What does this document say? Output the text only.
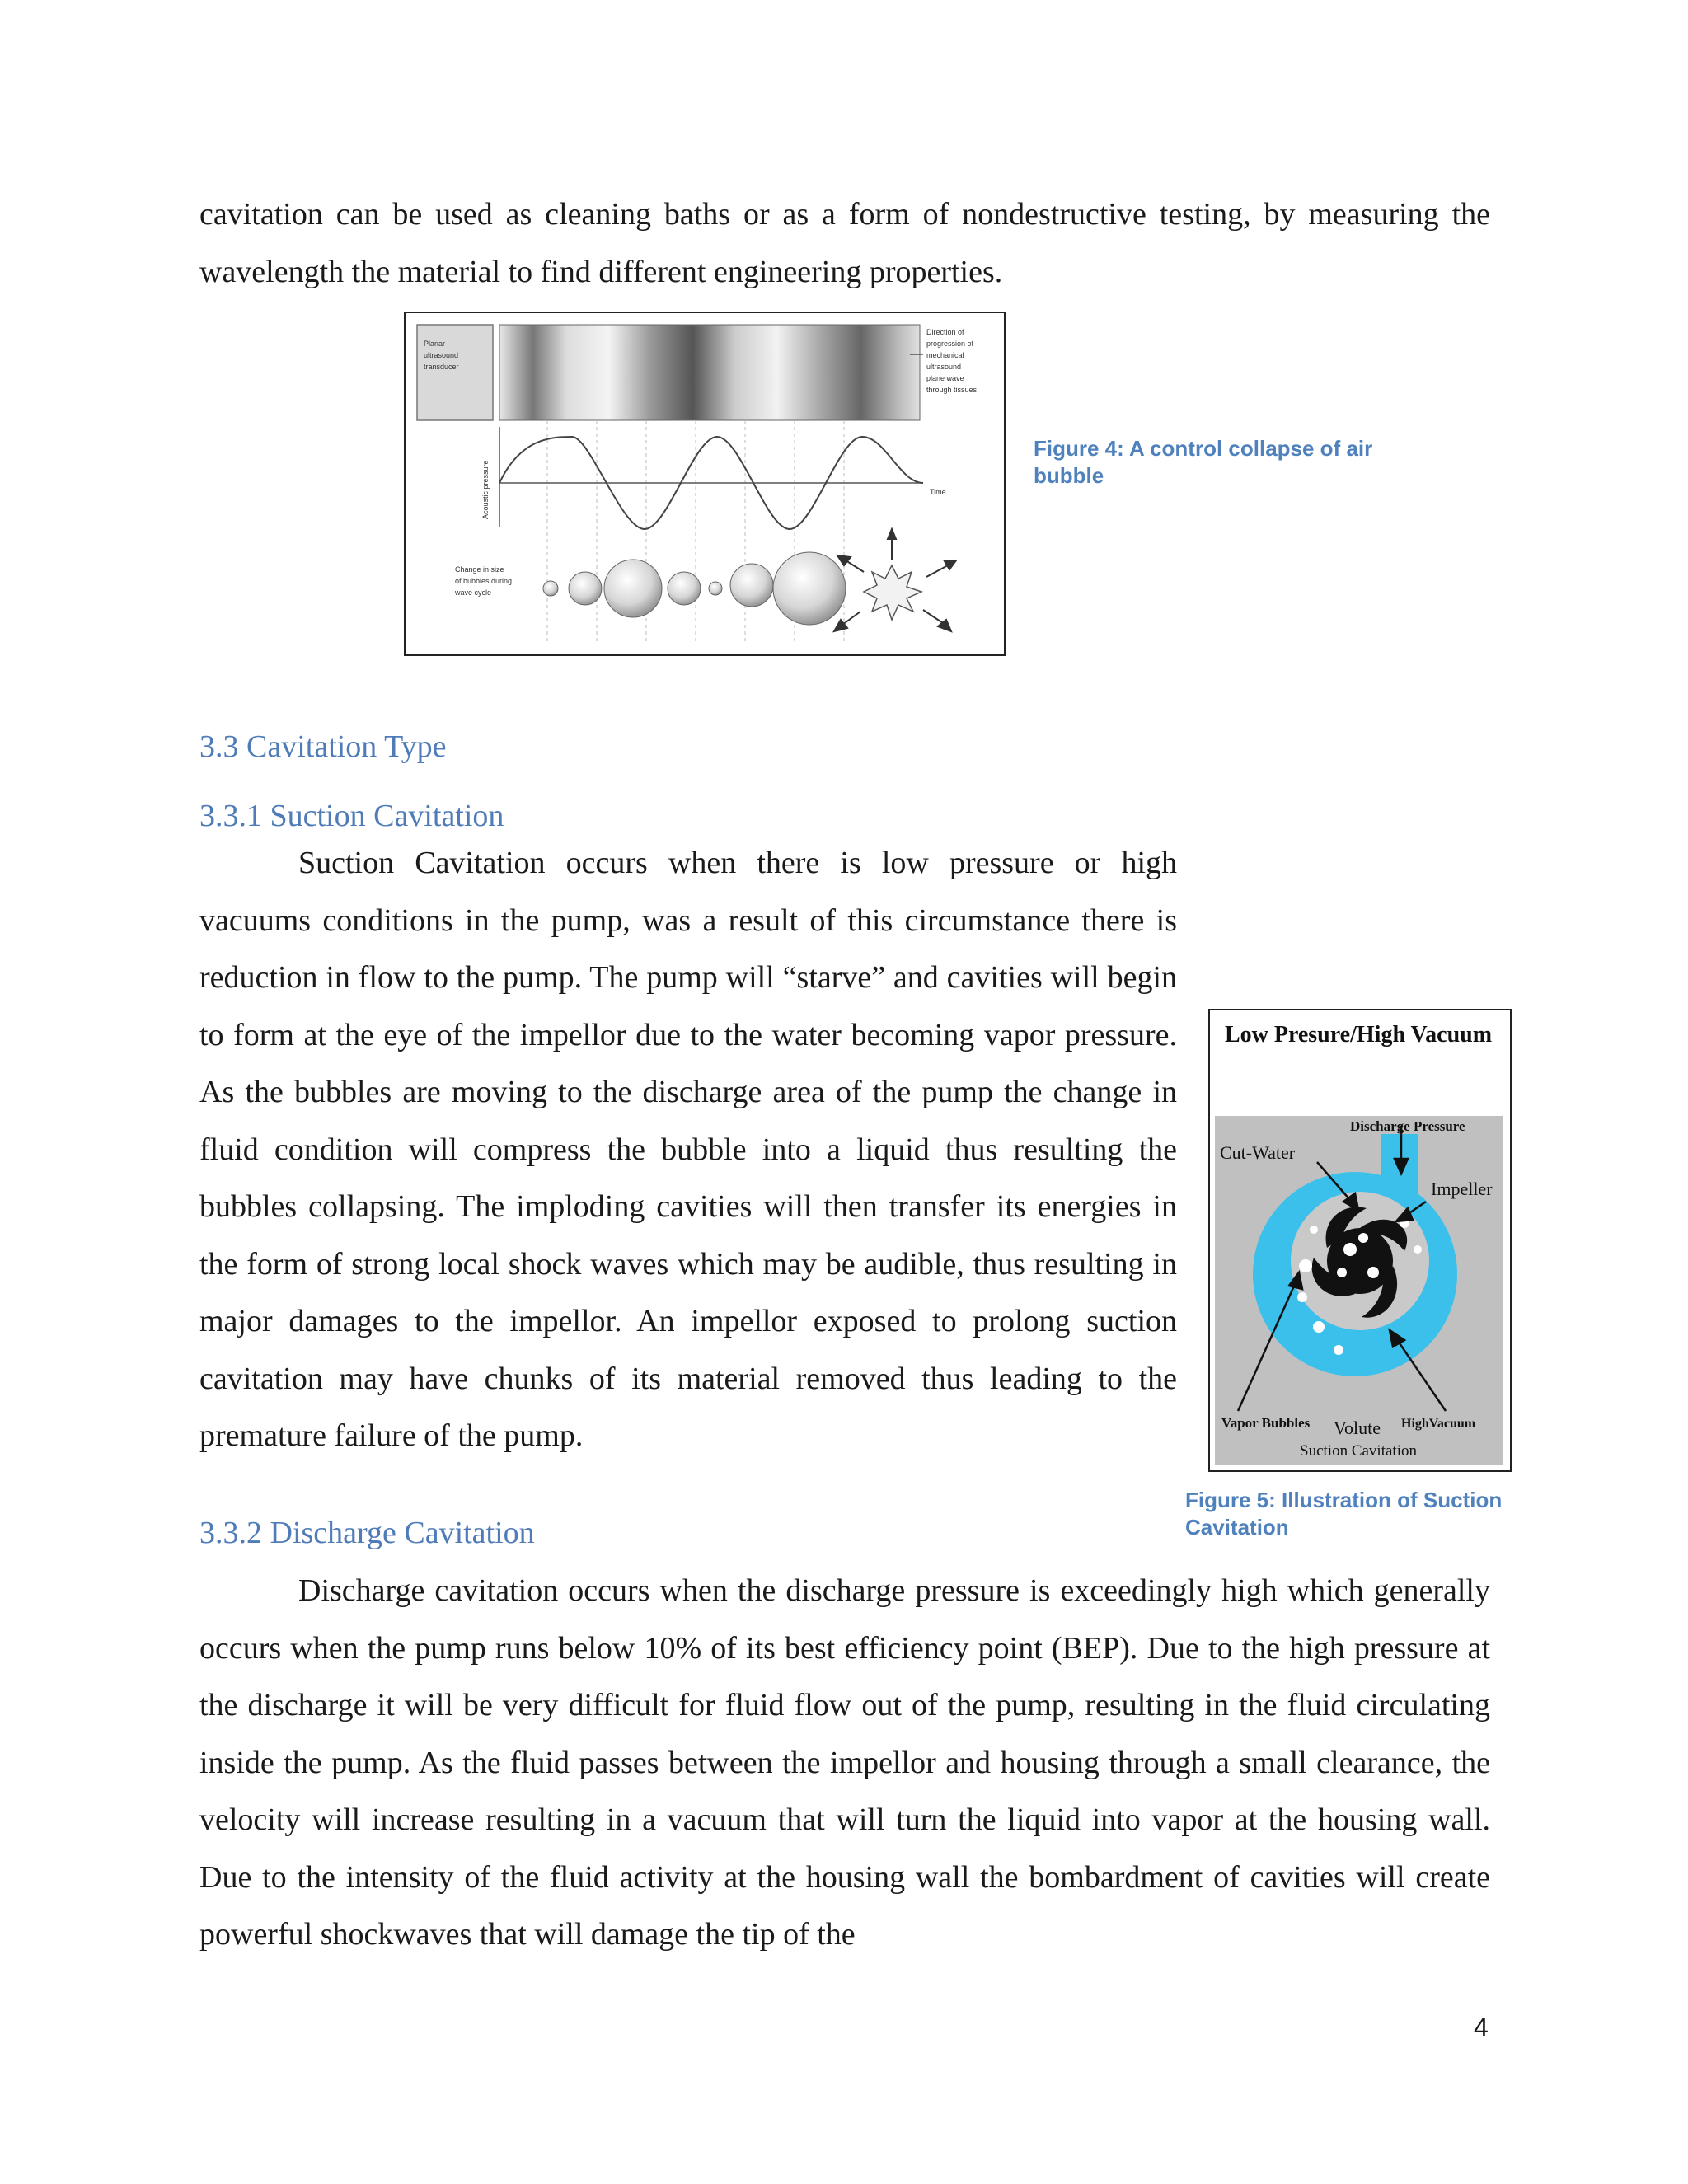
cavitation can be used as cleaning baths or as a form of nondestructive testing, by measuring the wavelength the material to find different engineering properties.
Planar
ultrasound
transducer
Direction of
progression of
mechanical
ultrasound
plane wave
through tissues
Acoustic pressure	Time
Change in size
of bubbles during
wave cycle
Figure 4: A control collapse of air bubble
3.3 Cavitation Type
3.3.1 Suction Cavitation
Low Presure/High Vacuum
Discharge Pressure
Cut-Water
Impeller
Vapor Bubbles Volute HighVacuum
Suction Cavitation
Figure 5: Illustration of Suction Cavitation
Suction Cavitation occurs when there is low pressure or high vacuums conditions in the pump, was a result of this circumstance there is reduction in flow to the pump. The pump will “starve” and cavities will begin to form at the eye of the impellor due to the water becoming vapor pressure. As the bubbles are moving to the discharge area of the pump the change in fluid condition will compress the bubble into a liquid thus resulting the bubbles collapsing. The imploding cavities will then transfer its energies in the form of strong local shock waves which may be audible, thus resulting in major damages to the impellor. An impellor exposed to prolong suction cavitation may have chunks of its material removed thus leading to the premature failure of the pump.
3.3.2 Discharge Cavitation
Discharge cavitation occurs when the discharge pressure is exceedingly high which generally occurs when the pump runs below 10% of its best efficiency point (BEP). Due to the high pressure at the discharge it will be very difficult for fluid flow out of the pump, resulting in the fluid circulating inside the pump. As the fluid passes between the impellor and housing through a small clearance, the velocity will increase resulting in a vacuum that will turn the liquid into vapor at the housing wall. Due to the intensity of the fluid activity at the housing wall the bombardment of cavities will create powerful shockwaves that will damage the tip of the
4
